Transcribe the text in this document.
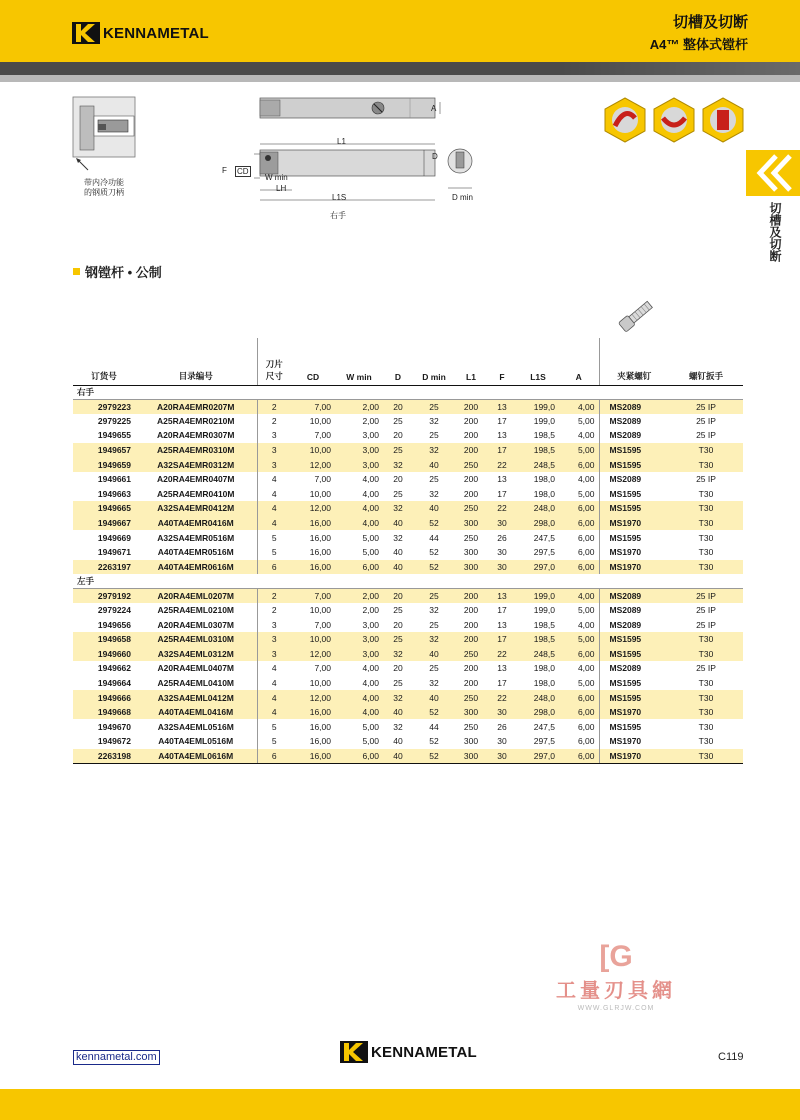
KENNAMETAL
切槽及切断
A4™ 整体式镗杆
切槽及切断
带内冷功能
的钢质刀柄
A
L1
D
F CD
W min
LH
L1S	D min
右手
钢镗杆 • 公制
订货号	目录编号	刀片
尺寸	CD	W min	D	D min	L1	F	L1S	A	夹紧螺钉	螺钉扳手
右手												
2979223	A20RA4EMR0207M	2	7,00	2,00	20	25	200	13	199,0	4,00	MS2089	25 IP
2979225	A25RA4EMR0210M	2	10,00	2,00	25	32	200	17	199,0	5,00	MS2089	25 IP
1949655	A20RA4EMR0307M	3	7,00	3,00	20	25	200	13	198,5	4,00	MS2089	25 IP
1949657	A25RA4EMR0310M	3	10,00	3,00	25	32	200	17	198,5	5,00	MS1595	T30
1949659	A32SA4EMR0312M	3	12,00	3,00	32	40	250	22	248,5	6,00	MS1595	T30
1949661	A20RA4EMR0407M	4	7,00	4,00	20	25	200	13	198,0	4,00	MS2089	25 IP
1949663	A25RA4EMR0410M	4	10,00	4,00	25	32	200	17	198,0	5,00	MS1595	T30
1949665	A32SA4EMR0412M	4	12,00	4,00	32	40	250	22	248,0	6,00	MS1595	T30
1949667	A40TA4EMR0416M	4	16,00	4,00	40	52	300	30	298,0	6,00	MS1970	T30
1949669	A32SA4EMR0516M	5	16,00	5,00	32	44	250	26	247,5	6,00	MS1595	T30
1949671	A40TA4EMR0516M	5	16,00	5,00	40	52	300	30	297,5	6,00	MS1970	T30
2263197	A40TA4EMR0616M	6	16,00	6,00	40	52	300	30	297,0	6,00	MS1970	T30
左手												
2979192	A20RA4EML0207M	2	7,00	2,00	20	25	200	13	199,0	4,00	MS2089	25 IP
2979224	A25RA4EML0210M	2	10,00	2,00	25	32	200	17	199,0	5,00	MS2089	25 IP
1949656	A20RA4EML0307M	3	7,00	3,00	20	25	200	13	198,5	4,00	MS2089	25 IP
1949658	A25RA4EML0310M	3	10,00	3,00	25	32	200	17	198,5	5,00	MS1595	T30
1949660	A32SA4EML0312M	3	12,00	3,00	32	40	250	22	248,5	6,00	MS1595	T30
1949662	A20RA4EML0407M	4	7,00	4,00	20	25	200	13	198,0	4,00	MS2089	25 IP
1949664	A25RA4EML0410M	4	10,00	4,00	25	32	200	17	198,0	5,00	MS1595	T30
1949666	A32SA4EML0412M	4	12,00	4,00	32	40	250	22	248,0	6,00	MS1595	T30
1949668	A40TA4EML0416M	4	16,00	4,00	40	52	300	30	298,0	6,00	MS1970	T30
1949670	A32SA4EML0516M	5	16,00	5,00	32	44	250	26	247,5	6,00	MS1595	T30
1949672	A40TA4EML0516M	5	16,00	5,00	40	52	300	30	297,5	6,00	MS1970	T30
2263198	A40TA4EML0616M	6	16,00	6,00	40	52	300	30	297,0	6,00	MS1970	T30
[G
工量刃具網
WWW.GLRJW.COM
kennametal.com	KENNAMETAL	C119
